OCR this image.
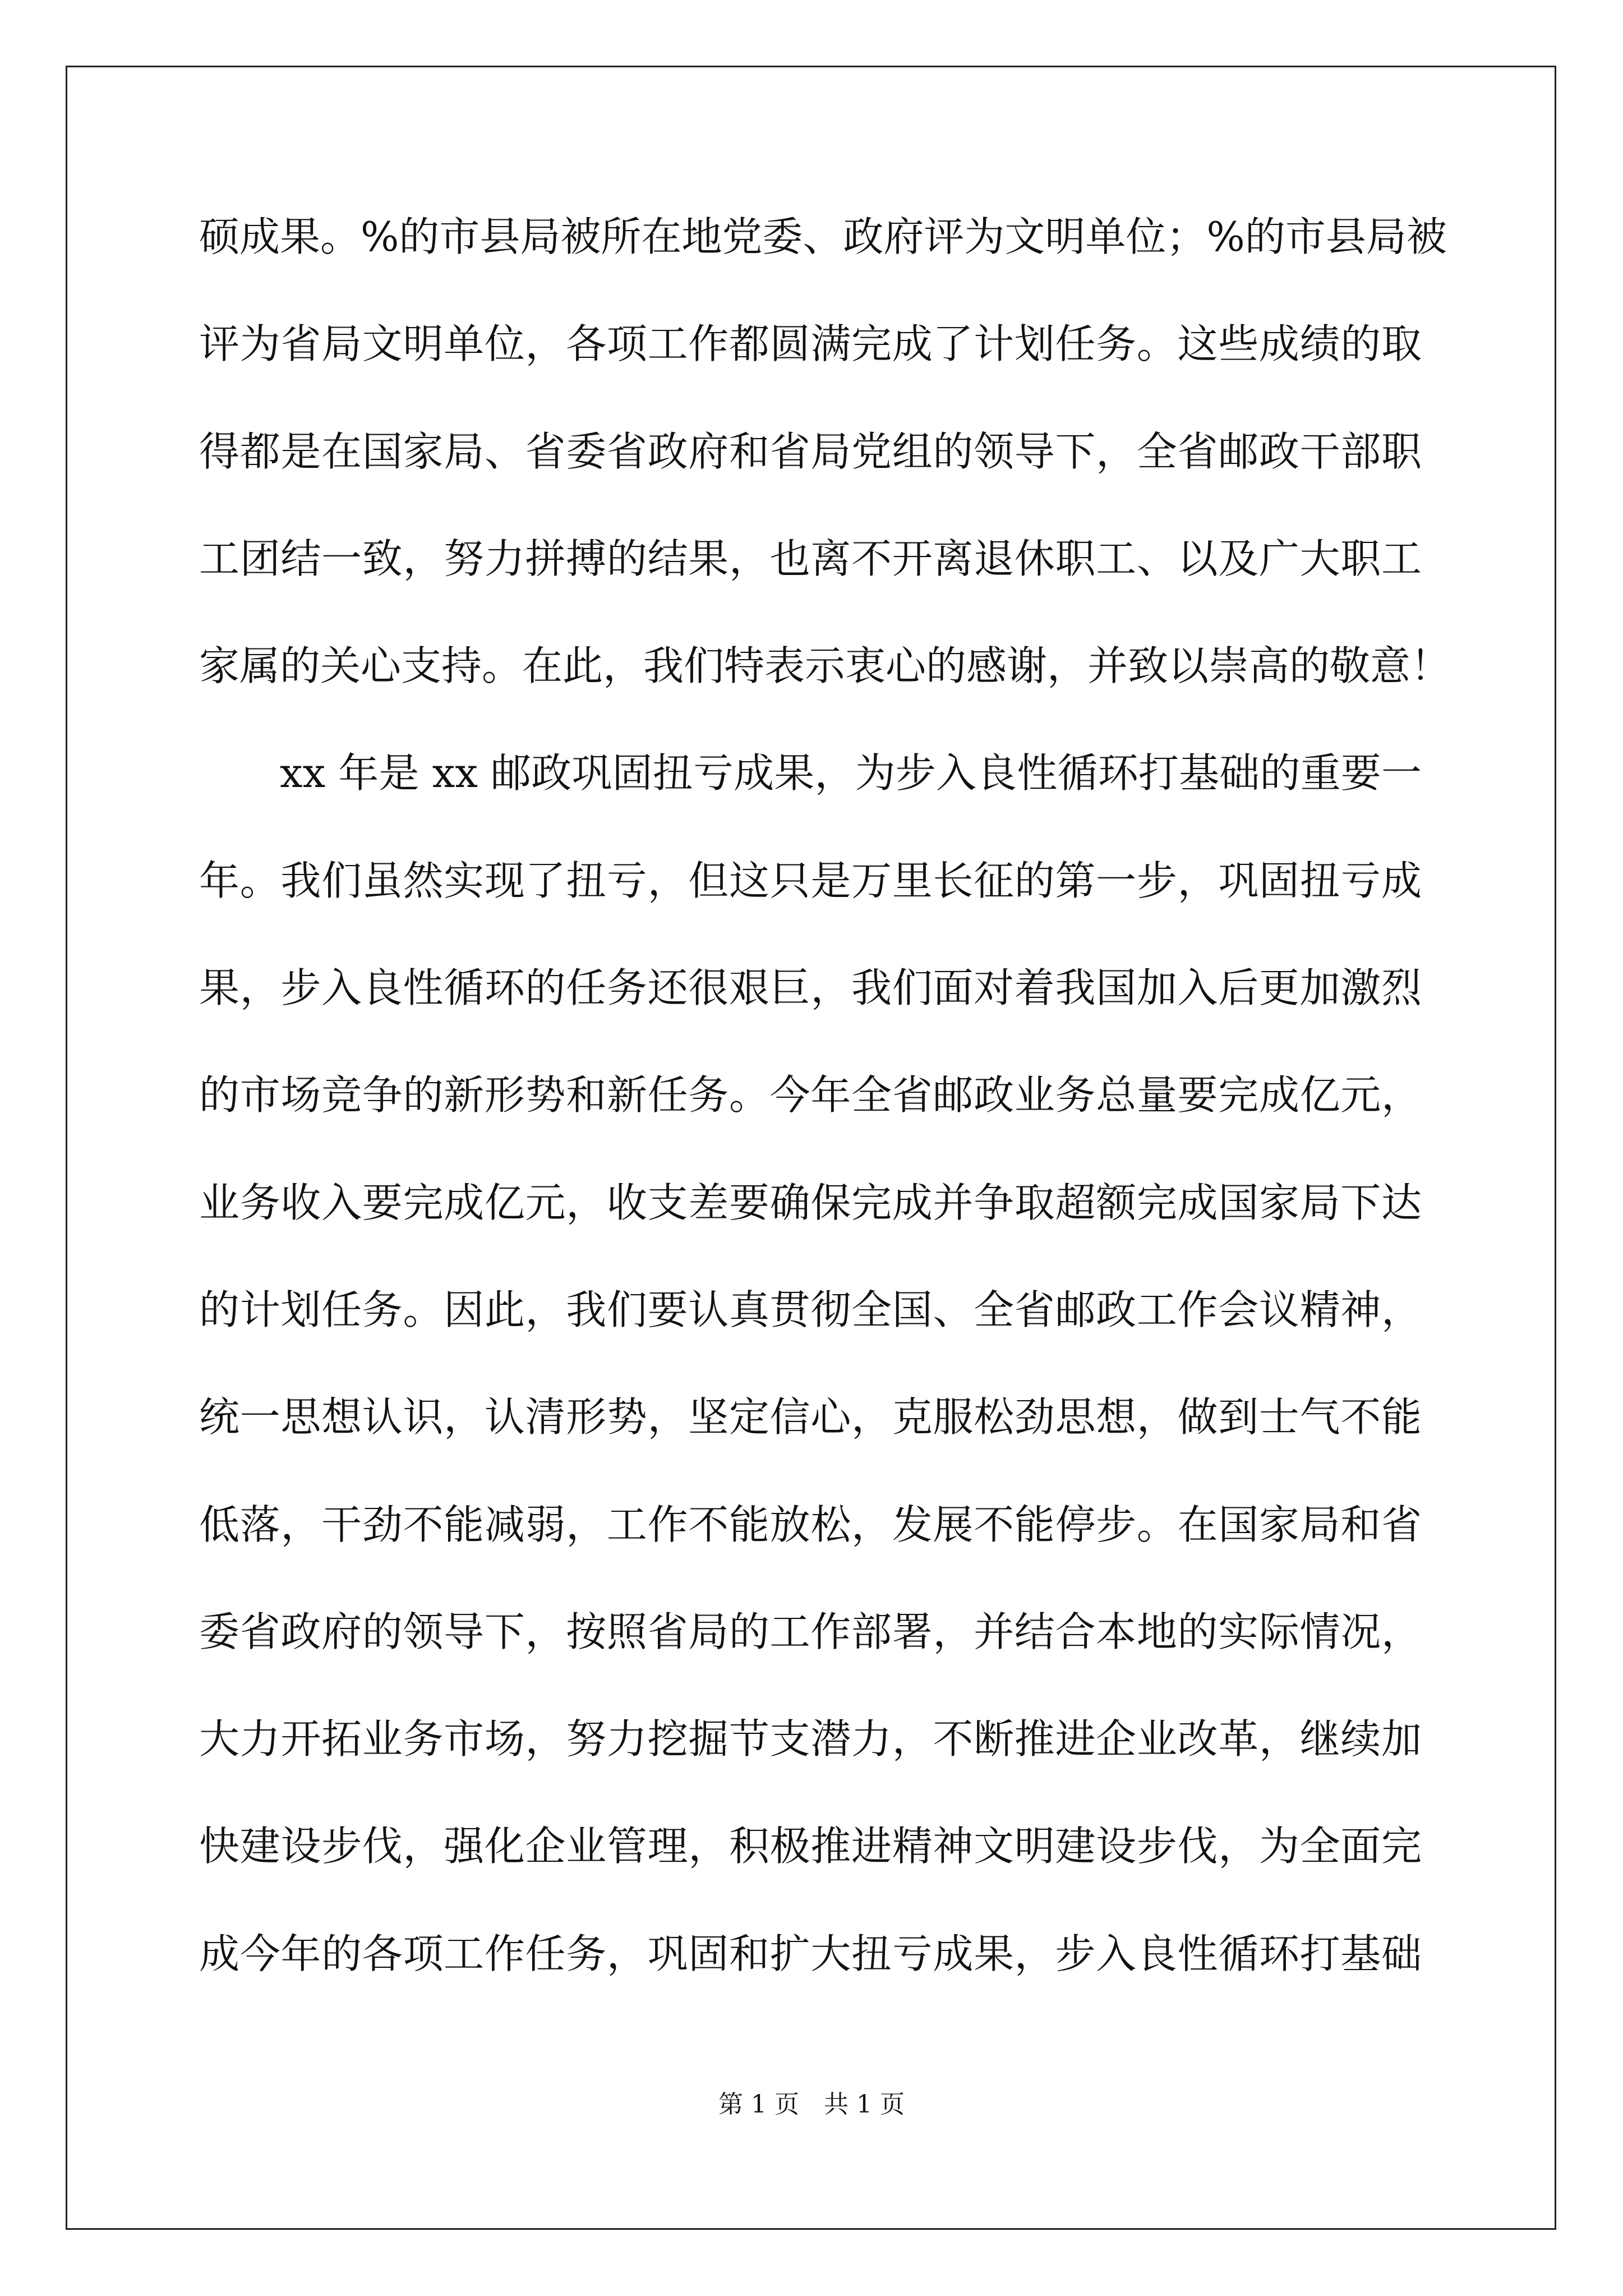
硕成果。%的市县局被所在地党委、政府评为文明单位；%的市县局被
评为省局文明单位，各项工作都圆满完成了计划任务。这些成绩的取
得都是在国家局、省委省政府和省局党组的领导下，全省邮政干部职
工团结一致，努力拼搏的结果，也离不开离退休职工、以及广大职工
家属的关心支持。在此，我们特表示衷心的感谢，并致以崇高的敬意！
xx 年是 xx 邮政巩固扭亏成果，为步入良性循环打基础的重要一
年。我们虽然实现了扭亏，但这只是万里长征的第一步，巩固扭亏成
果，步入良性循环的任务还很艰巨，我们面对着我国加入后更加激烈
的市场竞争的新形势和新任务。今年全省邮政业务总量要完成亿元，
业务收入要完成亿元，收支差要确保完成并争取超额完成国家局下达
的计划任务。因此，我们要认真贯彻全国、全省邮政工作会议精神，
统一思想认识，认清形势，坚定信心，克服松劲思想，做到士气不能
低落，干劲不能减弱，工作不能放松，发展不能停步。在国家局和省
委省政府的领导下，按照省局的工作部署，并结合本地的实际情况，
大力开拓业务市场，努力挖掘节支潜力，不断推进企业改革，继续加
快建设步伐，强化企业管理，积极推进精神文明建设步伐，为全面完
成今年的各项工作任务，巩固和扩大扭亏成果，步入良性循环打基础
第 1 页　共 1 页
